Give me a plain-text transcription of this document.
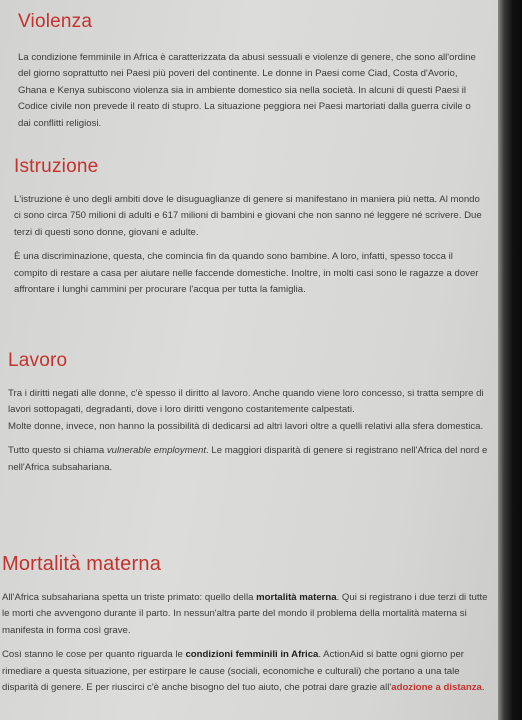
Violenza

La condizione femminile in Africa è caratterizzata da abusi sessuali e violenze di genere, che sono all'ordine del giorno soprattutto nei Paesi più poveri del continente. Le donne in Paesi come Ciad, Costa d'Avorio, Ghana e Kenya subiscono violenza sia in ambiente domestico sia nella società. In alcuni di questi Paesi il Codice civile non prevede il reato di stupro. La situazione peggiora nei Paesi martoriati dalla guerra civile o dai conflitti religiosi.

Istruzione

L'istruzione è uno degli ambiti dove le disuguaglianze di genere si manifestano in maniera più netta. Al mondo ci sono circa 750 milioni di adulti e 617 milioni di bambini e giovani che non sanno né leggere né scrivere. Due terzi di questi sono donne, giovani e adulte.

È una discriminazione, questa, che comincia fin da quando sono bambine. A loro, infatti, spesso tocca il compito di restare a casa per aiutare nelle faccende domestiche. Inoltre, in molti casi sono le ragazze a dover affrontare i lunghi cammini per procurare l'acqua per tutta la famiglia.

Lavoro

Tra i diritti negati alle donne, c'è spesso il diritto al lavoro. Anche quando viene loro concesso, si tratta sempre di lavori sottopagati, degradanti, dove i loro diritti vengono costantemente calpestati.

Molte donne, invece, non hanno la possibilità di dedicarsi ad altri lavori oltre a quelli relativi alla sfera domestica.

Tutto questo si chiama vulnerable employment. Le maggiori disparità di genere si registrano nell'Africa del nord e nell'Africa subsahariana.

Mortalità materna

All'Africa subsahariana spetta un triste primato: quello della mortalità materna. Qui si registrano i due terzi di tutte le morti che avvengono durante il parto. In nessun'altra parte del mondo il problema della mortalità materna si manifesta in forma così grave.

Così stanno le cose per quanto riguarda le condizioni femminili in Africa. ActionAid si batte ogni giorno per rimediare a questa situazione, per estirpare le cause (sociali, economiche e culturali) che portano a una tale disparità di genere. E per riuscirci c'è anche bisogno del tuo aiuto, che potrai dare grazie all'adozione a distanza.
